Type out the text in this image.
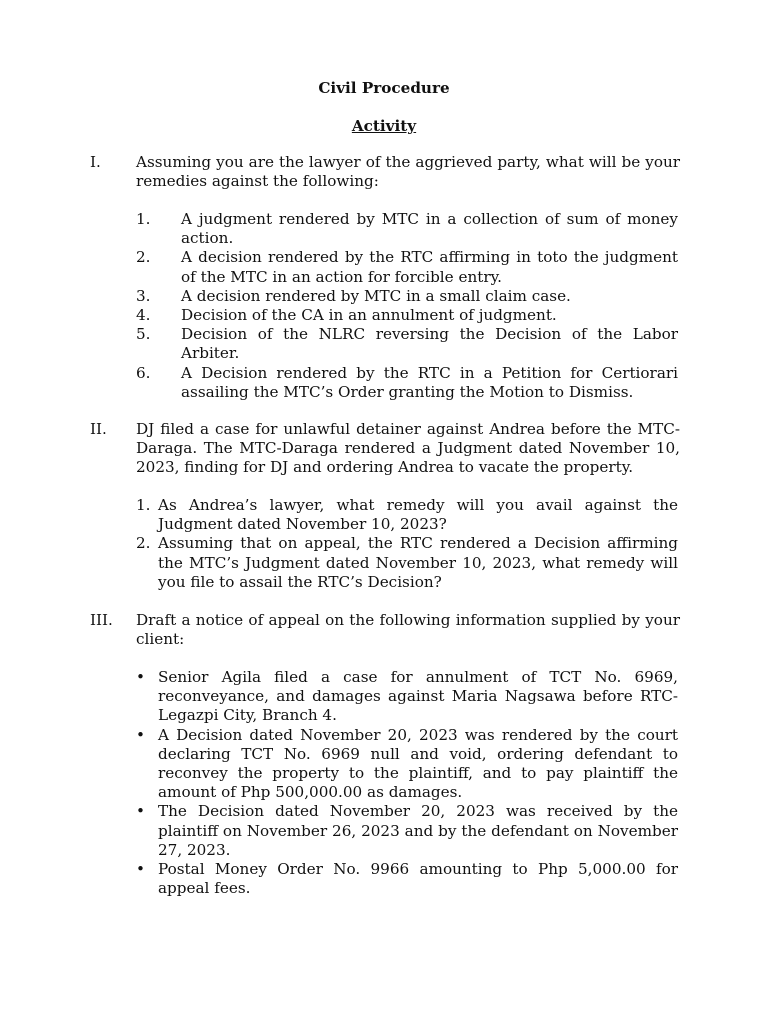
Civil Procedure
Activity
I. Assuming you are the lawyer of the aggrieved party, what will be your remedies against the following:
1. A judgment rendered by MTC in a collection of sum of money action.
2. A decision rendered by the RTC affirming in toto the judgment of the MTC in an action for forcible entry.
3. A decision rendered by MTC in a small claim case.
4. Decision of the CA in an annulment of judgment.
5. Decision of the NLRC reversing the Decision of the Labor Arbiter.
6. A Decision rendered by the RTC in a Petition for Certiorari assailing the MTC’s Order granting the Motion to Dismiss.
II. DJ filed a case for unlawful detainer against Andrea before the MTC-Daraga. The MTC-Daraga rendered a Judgment dated November 10, 2023, finding for DJ and ordering Andrea to vacate the property.
1. As Andrea’s lawyer, what remedy will you avail against the Judgment dated November 10, 2023?
2. Assuming that on appeal, the RTC rendered a Decision affirming the MTC’s Judgment dated November 10, 2023, what remedy will you file to assail the RTC’s Decision?
III. Draft a notice of appeal on the following information supplied by your client:
• Senior Agila filed a case for annulment of TCT No. 6969, reconveyance, and damages against Maria Nagsawa before RTC-Legazpi City, Branch 4.
• A Decision dated November 20, 2023 was rendered by the court declaring TCT No. 6969 null and void, ordering defendant to reconvey the property to the plaintiff, and to pay plaintiff the amount of Php 500,000.00 as damages.
• The Decision dated November 20, 2023 was received by the plaintiff on November 26, 2023 and by the defendant on November 27, 2023.
• Postal Money Order No. 9966 amounting to Php 5,000.00 for appeal fees.
